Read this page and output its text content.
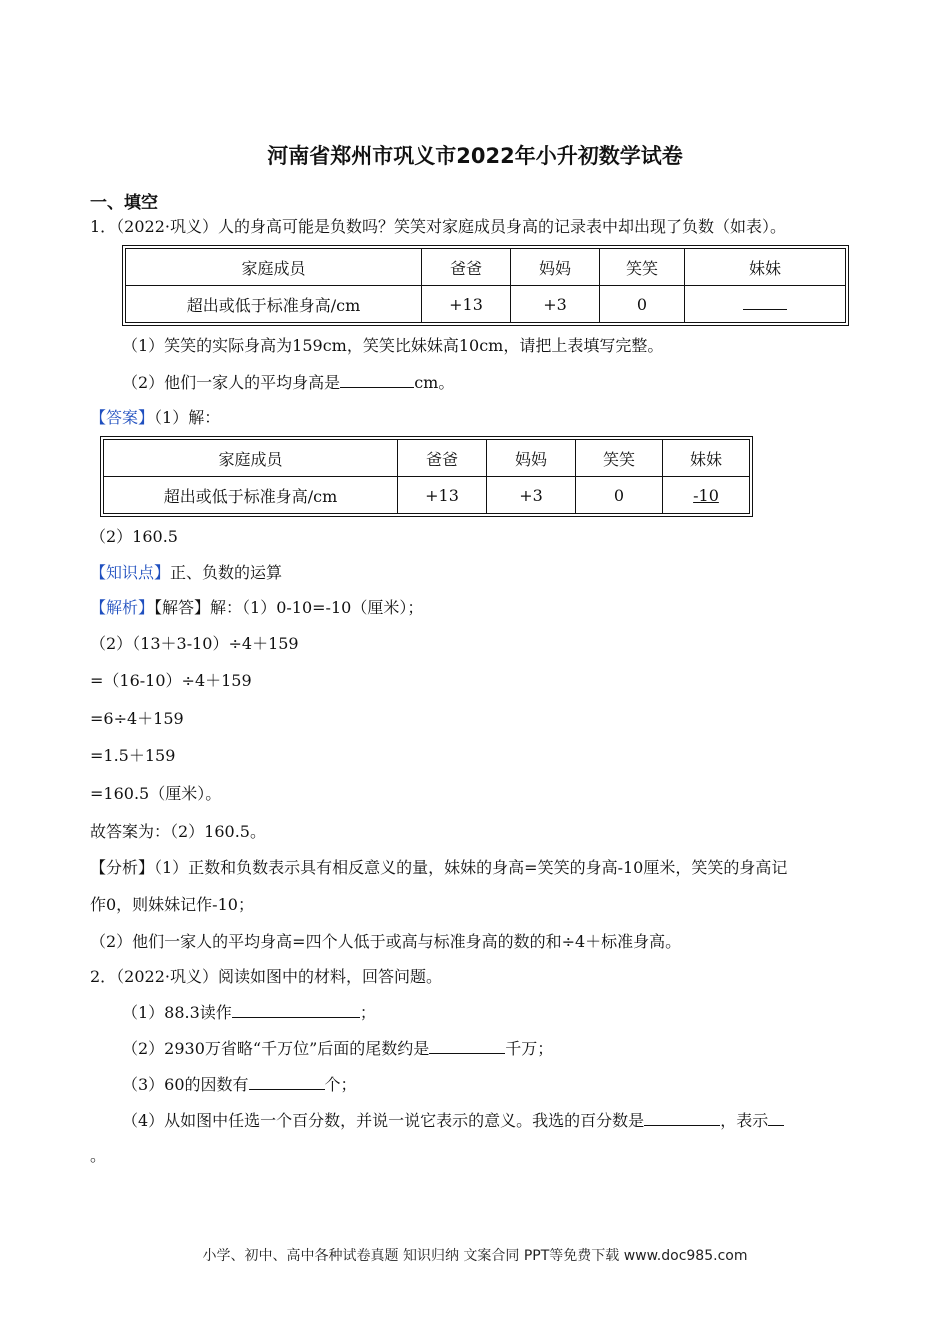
河南省郑州市巩义市2022年小升初数学试卷
一、填空
1．（2022·巩义）人的身高可能是负数吗？笑笑对家庭成员身高的记录表中却出现了负数（如表）。
家庭成员	爸爸	妈妈	笑笑	妹妹
超出或低于标准身高/cm	+13	+3	0	
（1）笑笑的实际身高为159cm，笑笑比妹妹高10cm，请把上表填写完整。
（2）他们一家人的平均身高是	cm。
【答案】（1）解：
家庭成员	爸爸	妈妈	笑笑	妹妹
超出或低于标准身高/cm	+13	+3	0	-10
（2）160.5
【知识点】正、负数的运算
【解析】【解答】解：（1）0-10=-10（厘米）；
（2）（13＋3-10）÷4＋159
=（16-10）÷4＋159
=6÷4＋159
=1.5＋159
=160.5（厘米）。
故答案为：（2）160.5。
【分析】（1）正数和负数表示具有相反意义的量，妹妹的身高=笑笑的身高-10厘米，笑笑的身高记
作0，则妹妹记作-10；
（2）他们一家人的平均身高=四个人低于或高与标准身高的数的和÷4＋标准身高。
2．（2022·巩义）阅读如图中的材料，回答问题。
（1）88.3读作	；
（2）2930万省略“千万位”后面的尾数约是	千万；
（3）60的因数有	个；
（4）从如图中任选一个百分数，并说一说它表示的意义。我选的百分数是	，表示
。
小学、初中、高中各种试卷真题 知识归纳 文案合同 PPT等免费下载 www.doc985.com
